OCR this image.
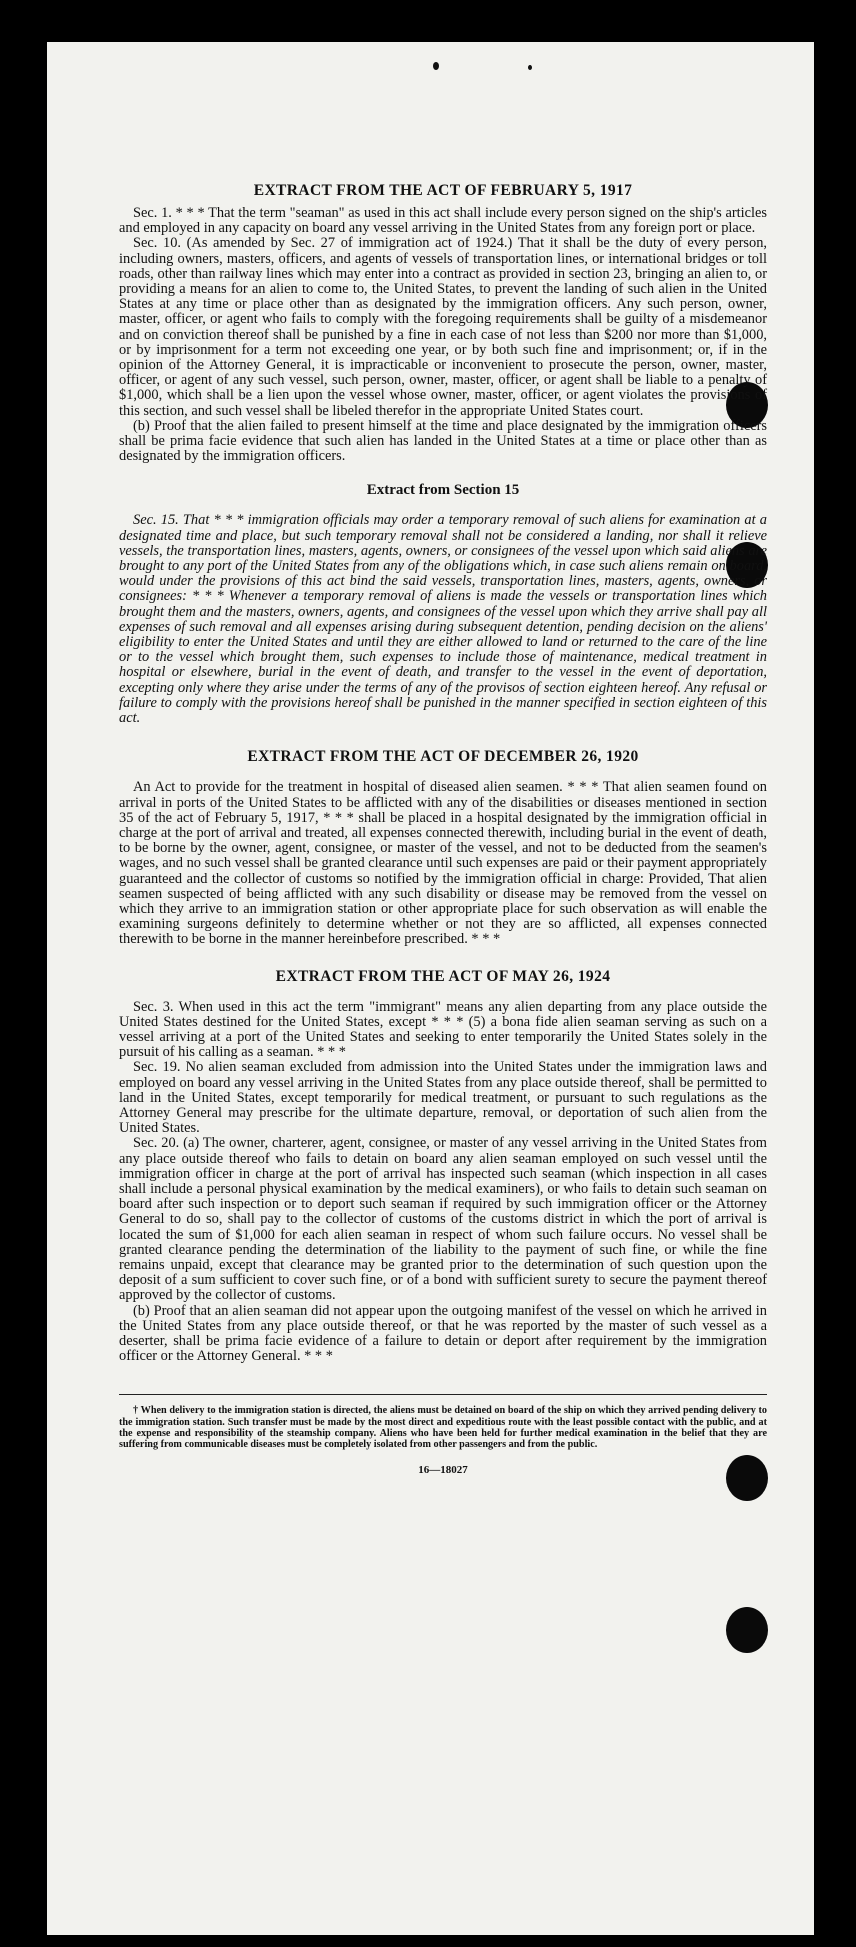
EXTRACT FROM THE ACT OF FEBRUARY 5, 1917

Sec. 1. * * * That the term "seaman" as used in this act shall include every person signed on the ship's articles and employed in any capacity on board any vessel arriving in the United States from any foreign port or place.

Sec. 10. (As amended by Sec. 27 of immigration act of 1924.) That it shall be the duty of every person, including owners, masters, officers, and agents of vessels of transportation lines, or international bridges or toll roads, other than railway lines which may enter into a contract as provided in section 23, bringing an alien to, or providing a means for an alien to come to, the United States, to prevent the landing of such alien in the United States at any time or place other than as designated by the immigration officers. Any such person, owner, master, officer, or agent who fails to comply with the foregoing requirements shall be guilty of a misdemeanor and on conviction thereof shall be punished by a fine in each case of not less than $200 nor more than $1,000, or by imprisonment for a term not exceeding one year, or by both such fine and imprisonment; or, if in the opinion of the Attorney General, it is impracticable or inconvenient to prosecute the person, owner, master, officer, or agent of any such vessel, such person, owner, master, officer, or agent shall be liable to a penalty of $1,000, which shall be a lien upon the vessel whose owner, master, officer, or agent violates the provisions of this section, and such vessel shall be libeled therefor in the appropriate United States court.

(b) Proof that the alien failed to present himself at the time and place designated by the immigration officers shall be prima facie evidence that such alien has landed in the United States at a time or place other than as designated by the immigration officers.

Extract from Section 15

Sec. 15. That * * * immigration officials may order a temporary removal of such aliens for examination at a designated time and place, but such temporary removal shall not be considered a landing, nor shall it relieve vessels, the transportation lines, masters, agents, owners, or consignees of the vessel upon which said aliens are brought to any port of the United States from any of the obligations which, in case such aliens remain on board, would under the provisions of this act bind the said vessels, transportation lines, masters, agents, owners, or consignees: * * * Whenever a temporary removal of aliens is made the vessels or transportation lines which brought them and the masters, owners, agents, and consignees of the vessel upon which they arrive shall pay all expenses of such removal and all expenses arising during subsequent detention, pending decision on the aliens' eligibility to enter the United States and until they are either allowed to land or returned to the care of the line or to the vessel which brought them, such expenses to include those of maintenance, medical treatment in hospital or elsewhere, burial in the event of death, and transfer to the vessel in the event of deportation, excepting only where they arise under the terms of any of the provisos of section eighteen hereof. Any refusal or failure to comply with the provisions hereof shall be punished in the manner specified in section eighteen of this act.

EXTRACT FROM THE ACT OF DECEMBER 26, 1920

An Act to provide for the treatment in hospital of diseased alien seamen. * * * That alien seamen found on arrival in ports of the United States to be afflicted with any of the disabilities or diseases mentioned in section 35 of the act of February 5, 1917, * * * shall be placed in a hospital designated by the immigration official in charge at the port of arrival and treated, all expenses connected therewith, including burial in the event of death, to be borne by the owner, agent, consignee, or master of the vessel, and not to be deducted from the seamen's wages, and no such vessel shall be granted clearance until such expenses are paid or their payment appropriately guaranteed and the collector of customs so notified by the immigration official in charge: Provided, That alien seamen suspected of being afflicted with any such disability or disease may be removed from the vessel on which they arrive to an immigration station or other appropriate place for such observation as will enable the examining surgeons definitely to determine whether or not they are so afflicted, all expenses connected therewith to be borne in the manner hereinbefore prescribed. * * *

EXTRACT FROM THE ACT OF MAY 26, 1924

Sec. 3. When used in this act the term "immigrant" means any alien departing from any place outside the United States destined for the United States, except * * * (5) a bona fide alien seaman serving as such on a vessel arriving at a port of the United States and seeking to enter temporarily the United States solely in the pursuit of his calling as a seaman. * * *

Sec. 19. No alien seaman excluded from admission into the United States under the immigration laws and employed on board any vessel arriving in the United States from any place outside thereof, shall be permitted to land in the United States, except temporarily for medical treatment, or pursuant to such regulations as the Attorney General may prescribe for the ultimate departure, removal, or deportation of such alien from the United States.

Sec. 20. (a) The owner, charterer, agent, consignee, or master of any vessel arriving in the United States from any place outside thereof who fails to detain on board any alien seaman employed on such vessel until the immigration officer in charge at the port of arrival has inspected such seaman (which inspection in all cases shall include a personal physical examination by the medical examiners), or who fails to detain such seaman on board after such inspection or to deport such seaman if required by such immigration officer or the Attorney General to do so, shall pay to the collector of customs of the customs district in which the port of arrival is located the sum of $1,000 for each alien seaman in respect of whom such failure occurs. No vessel shall be granted clearance pending the determination of the liability to the payment of such fine, or while the fine remains unpaid, except that clearance may be granted prior to the determination of such question upon the deposit of a sum sufficient to cover such fine, or of a bond with sufficient surety to secure the payment thereof approved by the collector of customs.

(b) Proof that an alien seaman did not appear upon the outgoing manifest of the vessel on which he arrived in the United States from any place outside thereof, or that he was reported by the master of such vessel as a deserter, shall be prima facie evidence of a failure to detain or deport after requirement by the immigration officer or the Attorney General. * * *

† When delivery to the immigration station is directed, the aliens must be detained on board of the ship on which they arrived pending delivery to the immigration station. Such transfer must be made by the most direct and expeditious route with the least possible contact with the public, and at the expense and responsibility of the steamship company. Aliens who have been held for further medical examination in the belief that they are suffering from communicable diseases must be completely isolated from other passengers and from the public.

16—18027
